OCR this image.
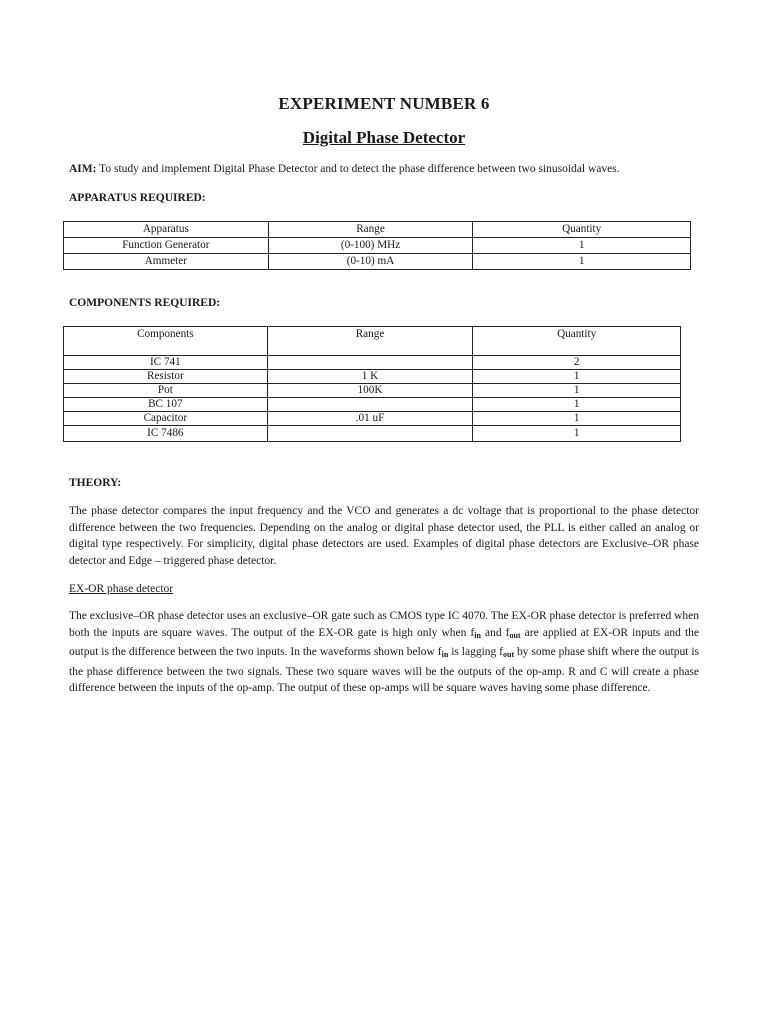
EXPERIMENT NUMBER 6
Digital Phase Detector
AIM: To study and implement Digital Phase Detector and to detect the phase difference between two sinusoidal waves.
APPARATUS REQUIRED:
Apparatus	Range	Quantity
Function Generator	(0-100) MHz	1
Ammeter	(0-10) mA	1
COMPONENTS REQUIRED:
Components	Range	Quantity
IC 741		2
Resistor	1 K	1
Pot	100K	1
BC 107		1
Capacitor	.01 uF	1
IC 7486		1
THEORY:
The phase detector compares the input frequency and the VCO and generates a dc voltage that is proportional to the phase detector difference between the two frequencies. Depending on the analog or digital phase detector used, the PLL is either called an analog or digital type respectively. For simplicity, digital phase detectors are used. Examples of digital phase detectors are Exclusive–OR phase detector and Edge – triggered phase detector.
EX-OR phase detector
The exclusive–OR phase detector uses an exclusive–OR gate such as CMOS type IC 4070. The EX-OR phase detector is preferred when both the inputs are square waves. The output of the EX-OR gate is high only when $f_{in}$ and $f_{out}$ are applied at EX-OR inputs and the output is the difference between the two inputs. In the waveforms shown below $f_{in}$ is lagging $f_{out}$ by some phase shift where the output is the phase difference between the two signals. These two square waves will be the outputs of the op-amp. R and C will create a phase difference between the inputs of the op-amp. The output of these op-amps will be square waves having some phase difference.
